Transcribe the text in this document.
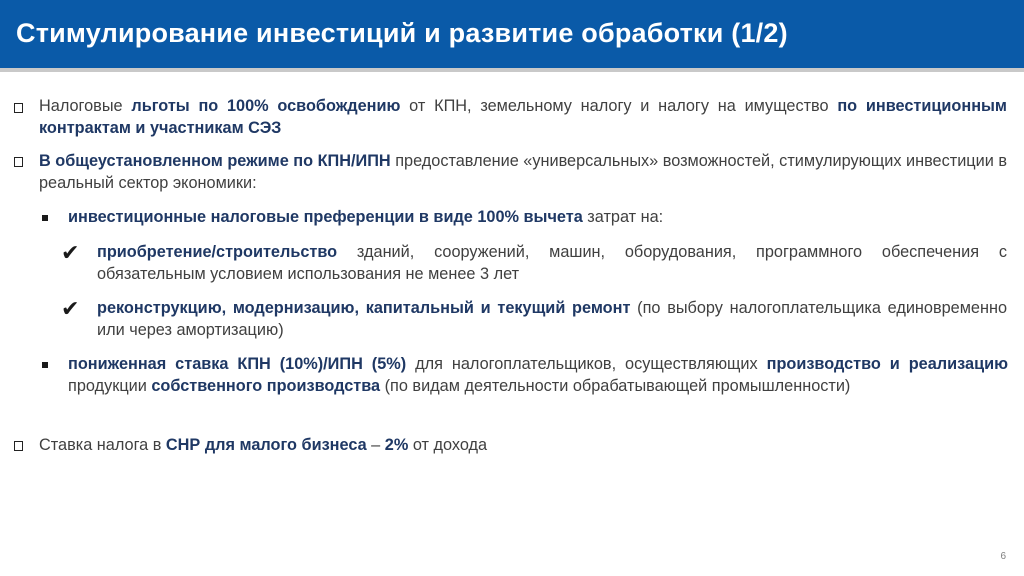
Стимулирование инвестиций и развитие обработки (1/2)
Налоговые льготы по 100% освобождению от КПН, земельному налогу и налогу на имущество по инвестиционным контрактам и участникам СЭЗ
В общеустановленном режиме по КПН/ИПН предоставление «универсальных» возможностей, стимулирующих инвестиции в реальный сектор экономики:
инвестиционные налоговые преференции в виде 100% вычета затрат на:
✔ приобретение/строительство зданий, сооружений, машин, оборудования, программного обеспечения с обязательным условием использования не менее 3 лет
✔ реконструкцию, модернизацию, капитальный и текущий ремонт (по выбору налогоплательщика единовременно или через амортизацию)
пониженная ставка КПН (10%)/ИПН (5%) для налогоплательщиков, осуществляющих производство и реализацию продукции собственного производства (по видам деятельности обрабатывающей промышленности)
Ставка налога в СНР для малого бизнеса – 2% от дохода
6
